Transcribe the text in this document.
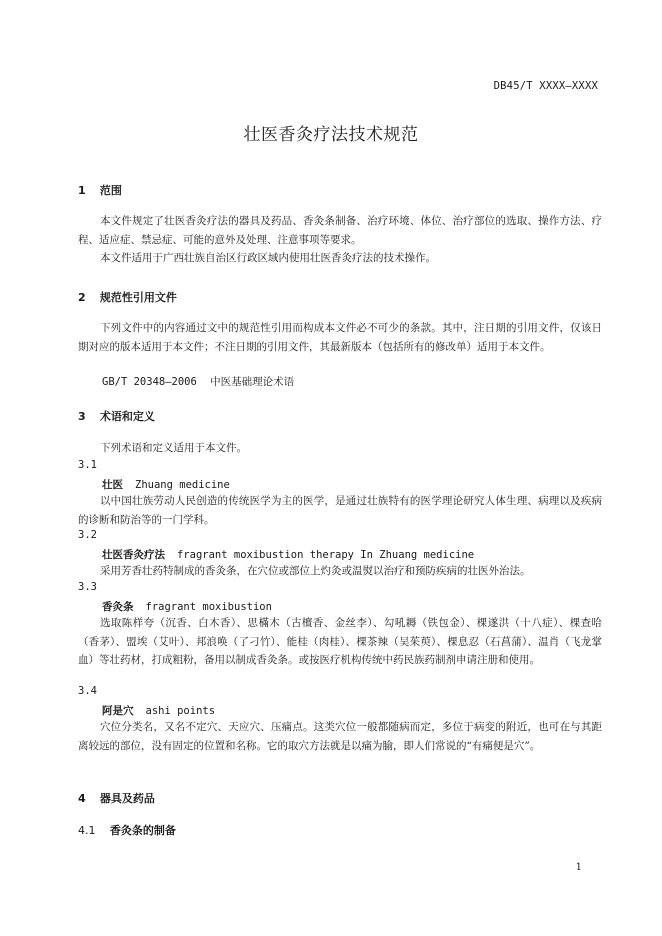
DB45/T XXXX—XXXX
壮医香灸疗法技术规范
1 范围

本文件规定了壮医香灸疗法的器具及药品、香灸条制备、治疗环境、体位、治疗部位的选取、操作方法、疗程、适应症、禁忌症、可能的意外及处理、注意事项等要求。

本文件适用于广西壮族自治区行政区域内使用壮医香灸疗法的技术操作。

2 规范性引用文件

下列文件中的内容通过文中的规范性引用而构成本文件必不可少的条款。其中，注日期的引用文件，仅该日期对应的版本适用于本文件；不注日期的引用文件，其最新版本（包括所有的修改单）适用于本文件。

GB/T 20348—2006 中医基础理论术语
3 术语和定义

下列术语和定义适用于本文件。

3.1
壮医 Zhuang medicine

以中国壮族劳动人民创造的传统医学为主的医学，是通过壮族特有的医学理论研究人体生理、病理以及疾病的诊断和防治等的一门学科。

3.2
壮医香灸疗法 fragrant moxibustion therapy In Zhuang medicine

采用芳香壮药特制成的香灸条，在穴位或部位上灼灸或温熨以治疗和预防疾病的壮医外治法。

3.3
香灸条 fragrant moxibustion

选取陈样夸（沉香、白木香）、思樠木（古檀香、金丝李）、勾吼耨（铁包金）、棵遂洪（十八症）、棵查哈（香茅）、盟埃（艾叶）、邦浪唤（了刁竹）、能桂（肉桂）、棵茶辣（吴茱萸）、棵息忍（石菖蒲）、温肖（飞龙掌血）等壮药材，打成粗粉，备用以制成香灸条。或按医疗机构传统中药民族药制剂申请注册和使用。

3.4
阿是穴 ashi points

穴位分类名，又名不定穴、天应穴、压痛点。这类穴位一般都随病而定，多位于病变的附近，也可在与其距离较远的部位，没有固定的位置和名称。它的取穴方法就是以痛为腧，即人们常说的“有痛便是穴”。

4 器具及药品
4.1 香灸条的制备
1
